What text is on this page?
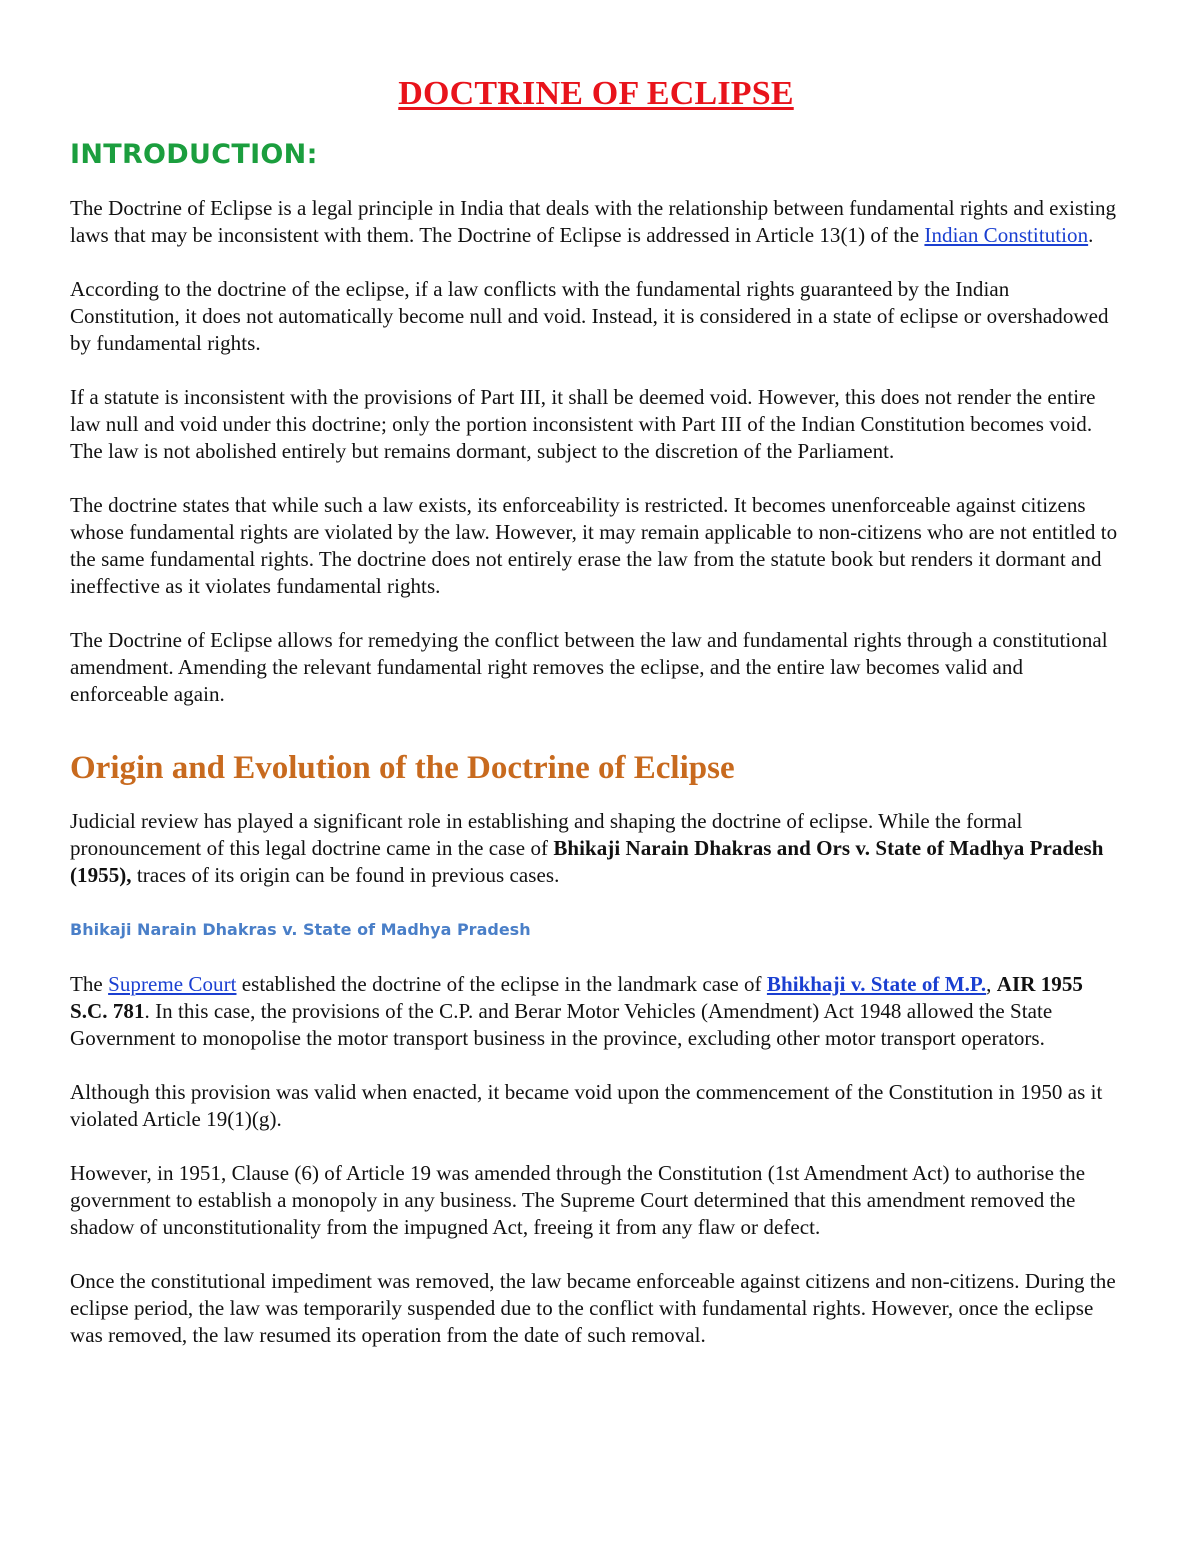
DOCTRINE OF ECLIPSE
INTRODUCTION:

The Doctrine of Eclipse is a legal principle in India that deals with the relationship between fundamental rights and existing laws that may be inconsistent with them. The Doctrine of Eclipse is addressed in Article 13(1) of the Indian Constitution.

According to the doctrine of the eclipse, if a law conflicts with the fundamental rights guaranteed by the Indian Constitution, it does not automatically become null and void. Instead, it is considered in a state of eclipse or overshadowed by fundamental rights.

If a statute is inconsistent with the provisions of Part III, it shall be deemed void. However, this does not render the entire law null and void under this doctrine; only the portion inconsistent with Part III of the Indian Constitution becomes void. The law is not abolished entirely but remains dormant, subject to the discretion of the Parliament.

The doctrine states that while such a law exists, its enforceability is restricted. It becomes unenforceable against citizens whose fundamental rights are violated by the law. However, it may remain applicable to non-citizens who are not entitled to the same fundamental rights. The doctrine does not entirely erase the law from the statute book but renders it dormant and ineffective as it violates fundamental rights.

The Doctrine of Eclipse allows for remedying the conflict between the law and fundamental rights through a constitutional amendment. Amending the relevant fundamental right removes the eclipse, and the entire law becomes valid and enforceable again.

Origin and Evolution of the Doctrine of Eclipse

Judicial review has played a significant role in establishing and shaping the doctrine of eclipse. While the formal pronouncement of this legal doctrine came in the case of Bhikaji Narain Dhakras and Ors v. State of Madhya Pradesh (1955), traces of its origin can be found in previous cases.

Bhikaji Narain Dhakras v. State of Madhya Pradesh

The Supreme Court established the doctrine of the eclipse in the landmark case of Bhikhaji v. State of M.P., AIR 1955 S.C. 781. In this case, the provisions of the C.P. and Berar Motor Vehicles (Amendment) Act 1948 allowed the State Government to monopolise the motor transport business in the province, excluding other motor transport operators.

Although this provision was valid when enacted, it became void upon the commencement of the Constitution in 1950 as it violated Article 19(1)(g).

However, in 1951, Clause (6) of Article 19 was amended through the Constitution (1st Amendment Act) to authorise the government to establish a monopoly in any business. The Supreme Court determined that this amendment removed the shadow of unconstitutionality from the impugned Act, freeing it from any flaw or defect.

Once the constitutional impediment was removed, the law became enforceable against citizens and non-citizens. During the eclipse period, the law was temporarily suspended due to the conflict with fundamental rights. However, once the eclipse was removed, the law resumed its operation from the date of such removal.
